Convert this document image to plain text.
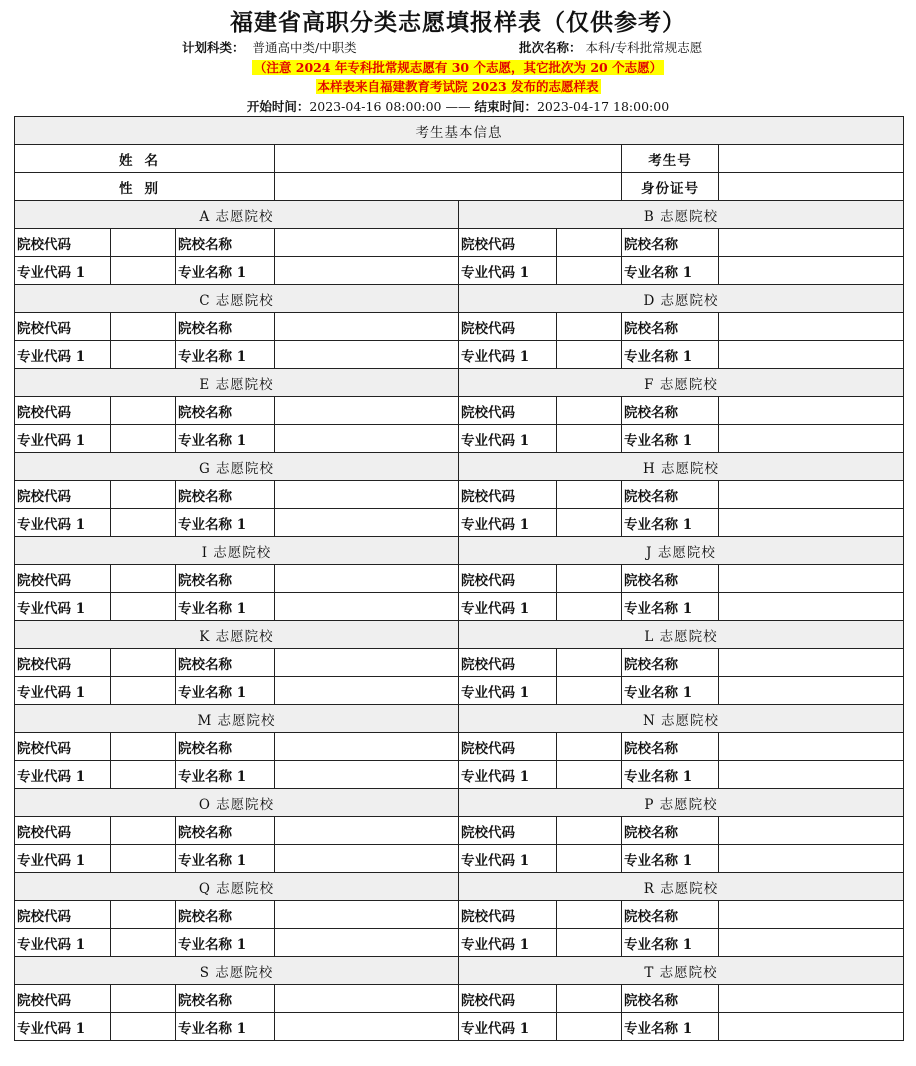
福建省高职分类志愿填报样表（仅供参考）
计划科类： 普通高中类/中职类	批次名称： 本科/专科批常规志愿
（注意 2024 年专科批常规志愿有 30 个志愿，其它批次为 20 个志愿）
本样表来自福建教育考试院 2023 发布的志愿样表
开始时间：2023-04-16 08:00:00 —— 结束时间：2023-04-17 18:00:00
考生基本信息							
姓名						考生号	
性别						身份证号	
A 志愿院校				B 志愿院校			
院校代码		院校名称		院校代码		院校名称	
专业代码 1		专业名称 1		专业代码 1		专业名称 1	
C 志愿院校				D 志愿院校			
院校代码		院校名称		院校代码		院校名称	
专业代码 1		专业名称 1		专业代码 1		专业名称 1	
E 志愿院校				F 志愿院校			
院校代码		院校名称		院校代码		院校名称	
专业代码 1		专业名称 1		专业代码 1		专业名称 1	
G 志愿院校				H 志愿院校			
院校代码		院校名称		院校代码		院校名称	
专业代码 1		专业名称 1		专业代码 1		专业名称 1	
I 志愿院校				J 志愿院校			
院校代码		院校名称		院校代码		院校名称	
专业代码 1		专业名称 1		专业代码 1		专业名称 1	
K 志愿院校				L 志愿院校			
院校代码		院校名称		院校代码		院校名称	
专业代码 1		专业名称 1		专业代码 1		专业名称 1	
M 志愿院校				N 志愿院校			
院校代码		院校名称		院校代码		院校名称	
专业代码 1		专业名称 1		专业代码 1		专业名称 1	
O 志愿院校				P 志愿院校			
院校代码		院校名称		院校代码		院校名称	
专业代码 1		专业名称 1		专业代码 1		专业名称 1	
Q 志愿院校				R 志愿院校			
院校代码		院校名称		院校代码		院校名称	
专业代码 1		专业名称 1		专业代码 1		专业名称 1	
S 志愿院校				T 志愿院校			
院校代码		院校名称		院校代码		院校名称	
专业代码 1		专业名称 1		专业代码 1		专业名称 1	
